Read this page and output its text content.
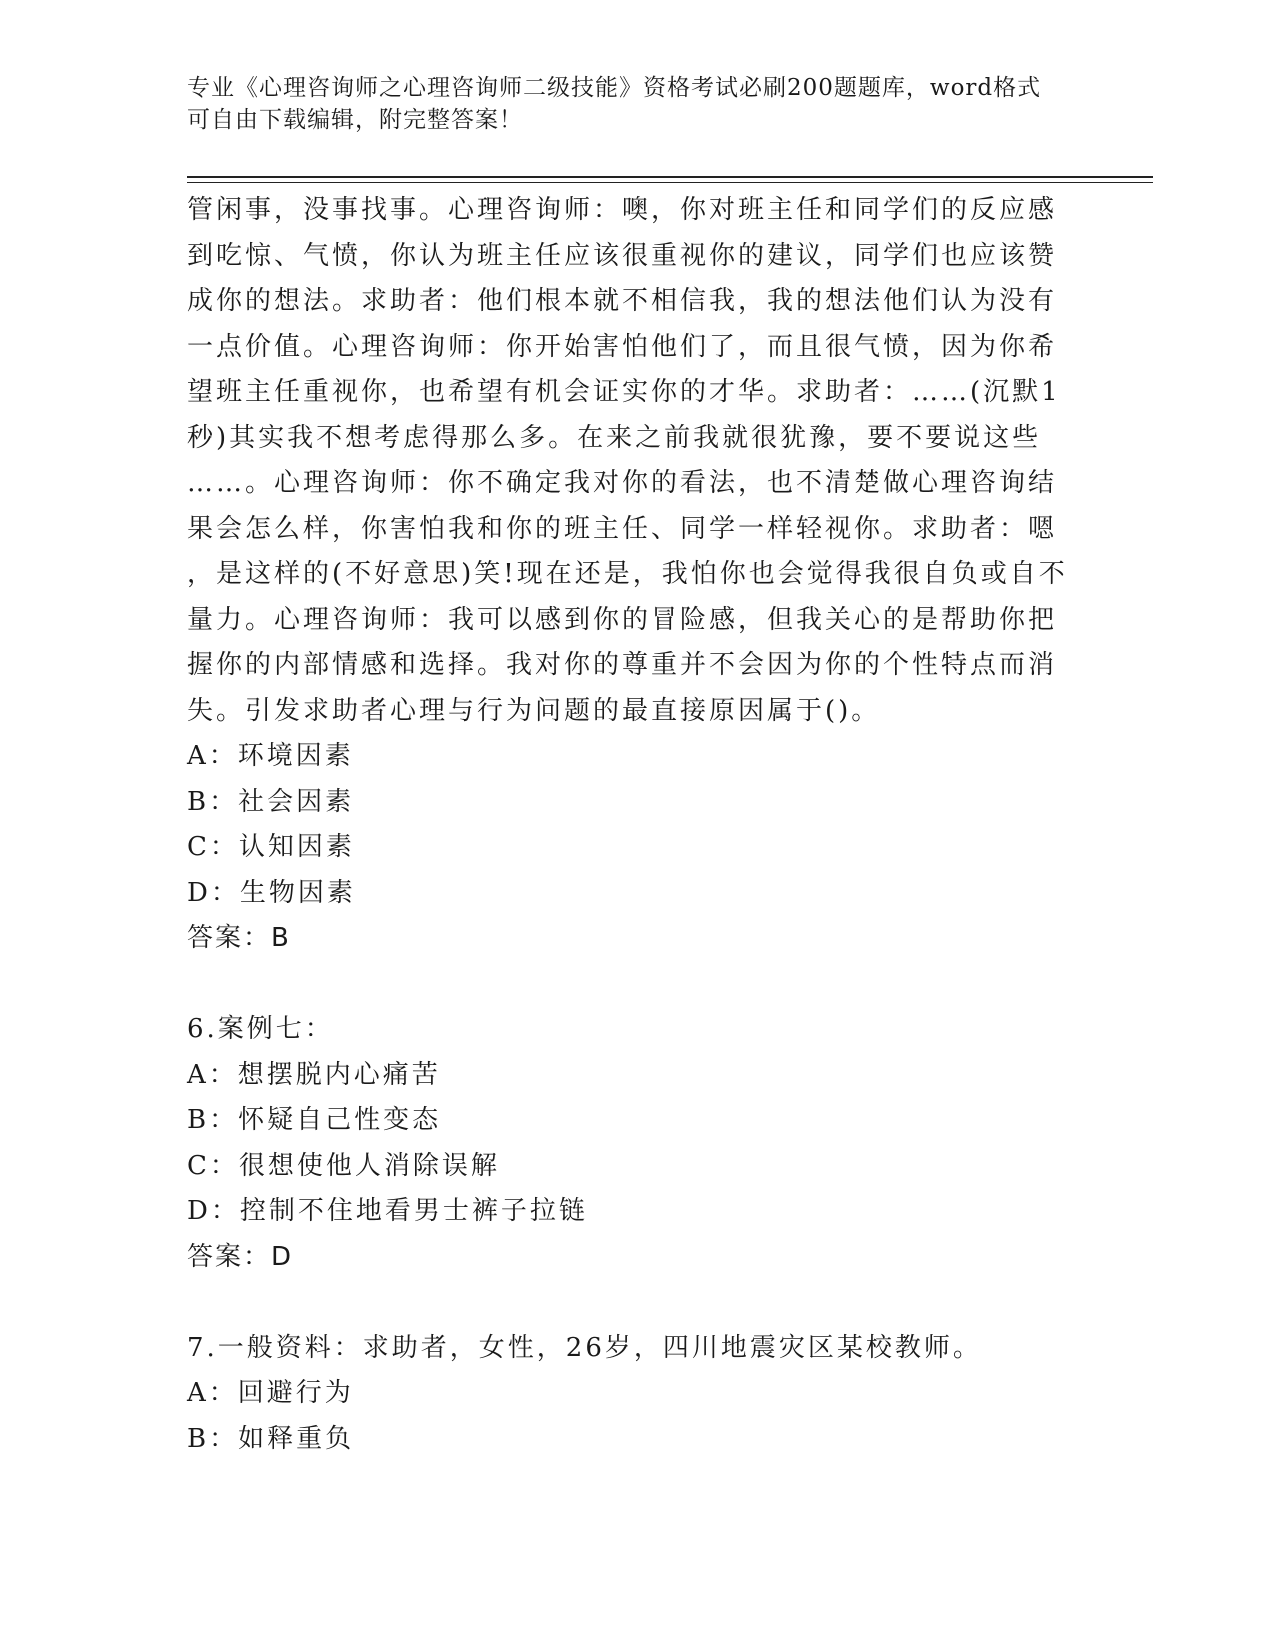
专业《心理咨询师之心理咨询师二级技能》资格考试必刷200题题库，word格式
可自由下载编辑，附完整答案！
管闲事，没事找事。心理咨询师：噢，你对班主任和同学们的反应感
到吃惊、气愤，你认为班主任应该很重视你的建议，同学们也应该赞
成你的想法。求助者：他们根本就不相信我，我的想法他们认为没有
一点价值。心理咨询师：你开始害怕他们了，而且很气愤，因为你希
望班主任重视你，也希望有机会证实你的才华。求助者：……(沉默1
秒)其实我不想考虑得那么多。在来之前我就很犹豫，要不要说这些
……。心理咨询师：你不确定我对你的看法，也不清楚做心理咨询结
果会怎么样，你害怕我和你的班主任、同学一样轻视你。求助者：嗯
，是这样的(不好意思)笑!现在还是，我怕你也会觉得我很自负或自不
量力。心理咨询师：我可以感到你的冒险感，但我关心的是帮助你把
握你的内部情感和选择。我对你的尊重并不会因为你的个性特点而消
失。引发求助者心理与行为问题的最直接原因属于()。
A：环境因素
B：社会因素
C：认知因素
D：生物因素
答案：B
6.案例七：
A：想摆脱内心痛苦
B：怀疑自己性变态
C：很想使他人消除误解
D：控制不住地看男士裤子拉链
答案：D
7.一般资料：求助者，女性，26岁，四川地震灾区某校教师。
A：回避行为
B：如释重负
